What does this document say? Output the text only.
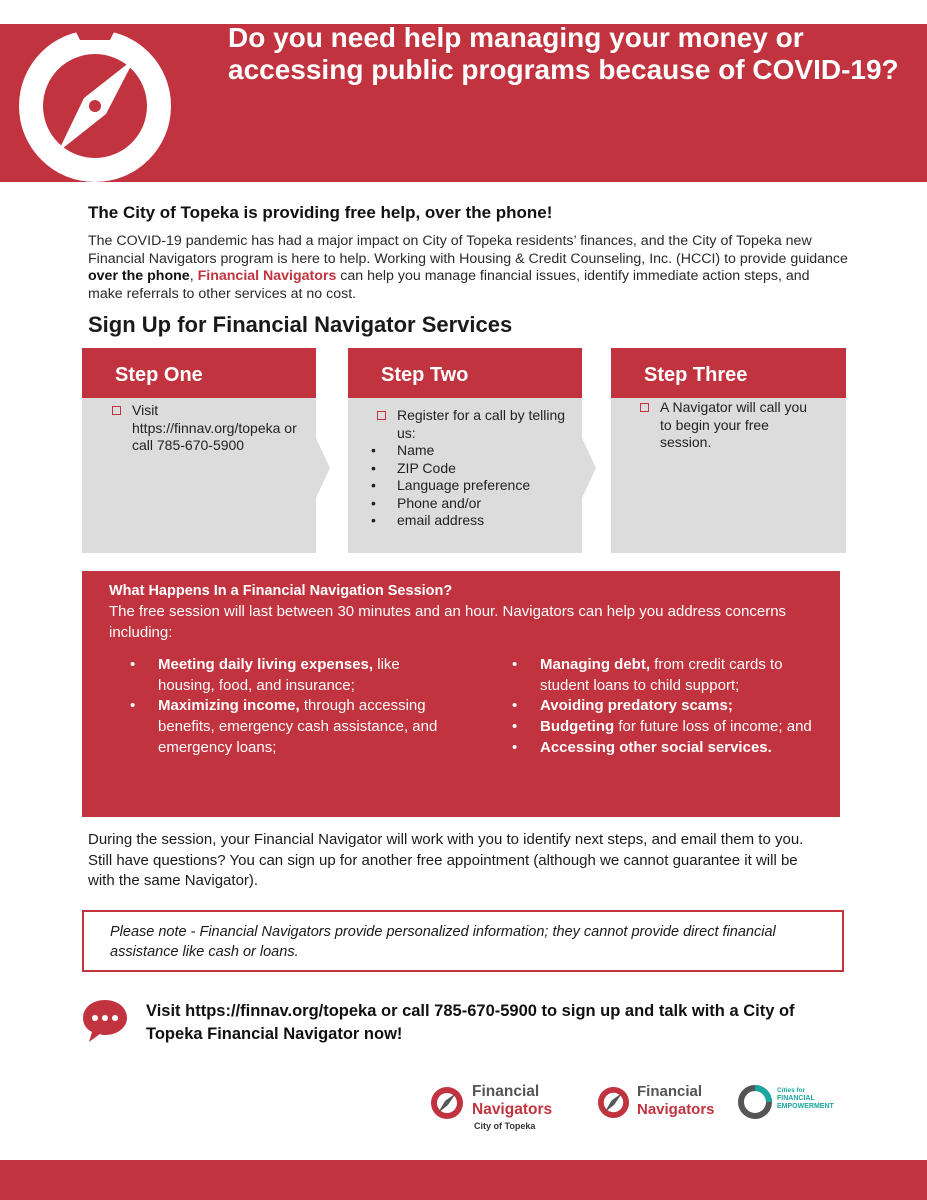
Do you need help managing your money or accessing public programs because of COVID-19?
The City of Topeka is providing free help, over the phone!

The COVID-19 pandemic has had a major impact on City of Topeka residents’ finances, and the City of Topeka new Financial Navigators program is here to help. Working with Housing & Credit Counseling, Inc. (HCCI) to provide guidance over the phone, Financial Navigators can help you manage financial issues, identify immediate action steps, and make referrals to other services at no cost.

Sign Up for Financial Navigator Services
Step One
Visit https://finnav.org/topeka or call 785-670-5900
Step Two
Register for a call by telling us:
• Name
• ZIP Code
• Language preference
• Phone and/or
• email address
Step Three
A Navigator will call you to begin your free session.
What Happens In a Financial Navigation Session?

The free session will last between 30 minutes and an hour. Navigators can help you address concerns including:

• Meeting daily living expenses, like housing, food, and insurance;
• Maximizing income, through accessing benefits, emergency cash assistance, and emergency loans;
• Managing debt, from credit cards to student loans to child support;
• Avoiding predatory scams;
• Budgeting for future loss of income; and
• Accessing other social services.

During the session, your Financial Navigator will work with you to identify next steps, and email them to you. Still have questions? You can sign up for another free appointment (although we cannot guarantee it will be with the same Navigator).

Please note - Financial Navigators provide personalized information; they cannot provide direct financial assistance like cash or loans.

Visit https://finnav.org/topeka or call 785-670-5900 to sign up and talk with a City of Topeka Financial Navigator now!

Financial
Navigators
City of Topeka
Financial
Navigators
Cities for
FINANCIAL
EMPOWERMENT
